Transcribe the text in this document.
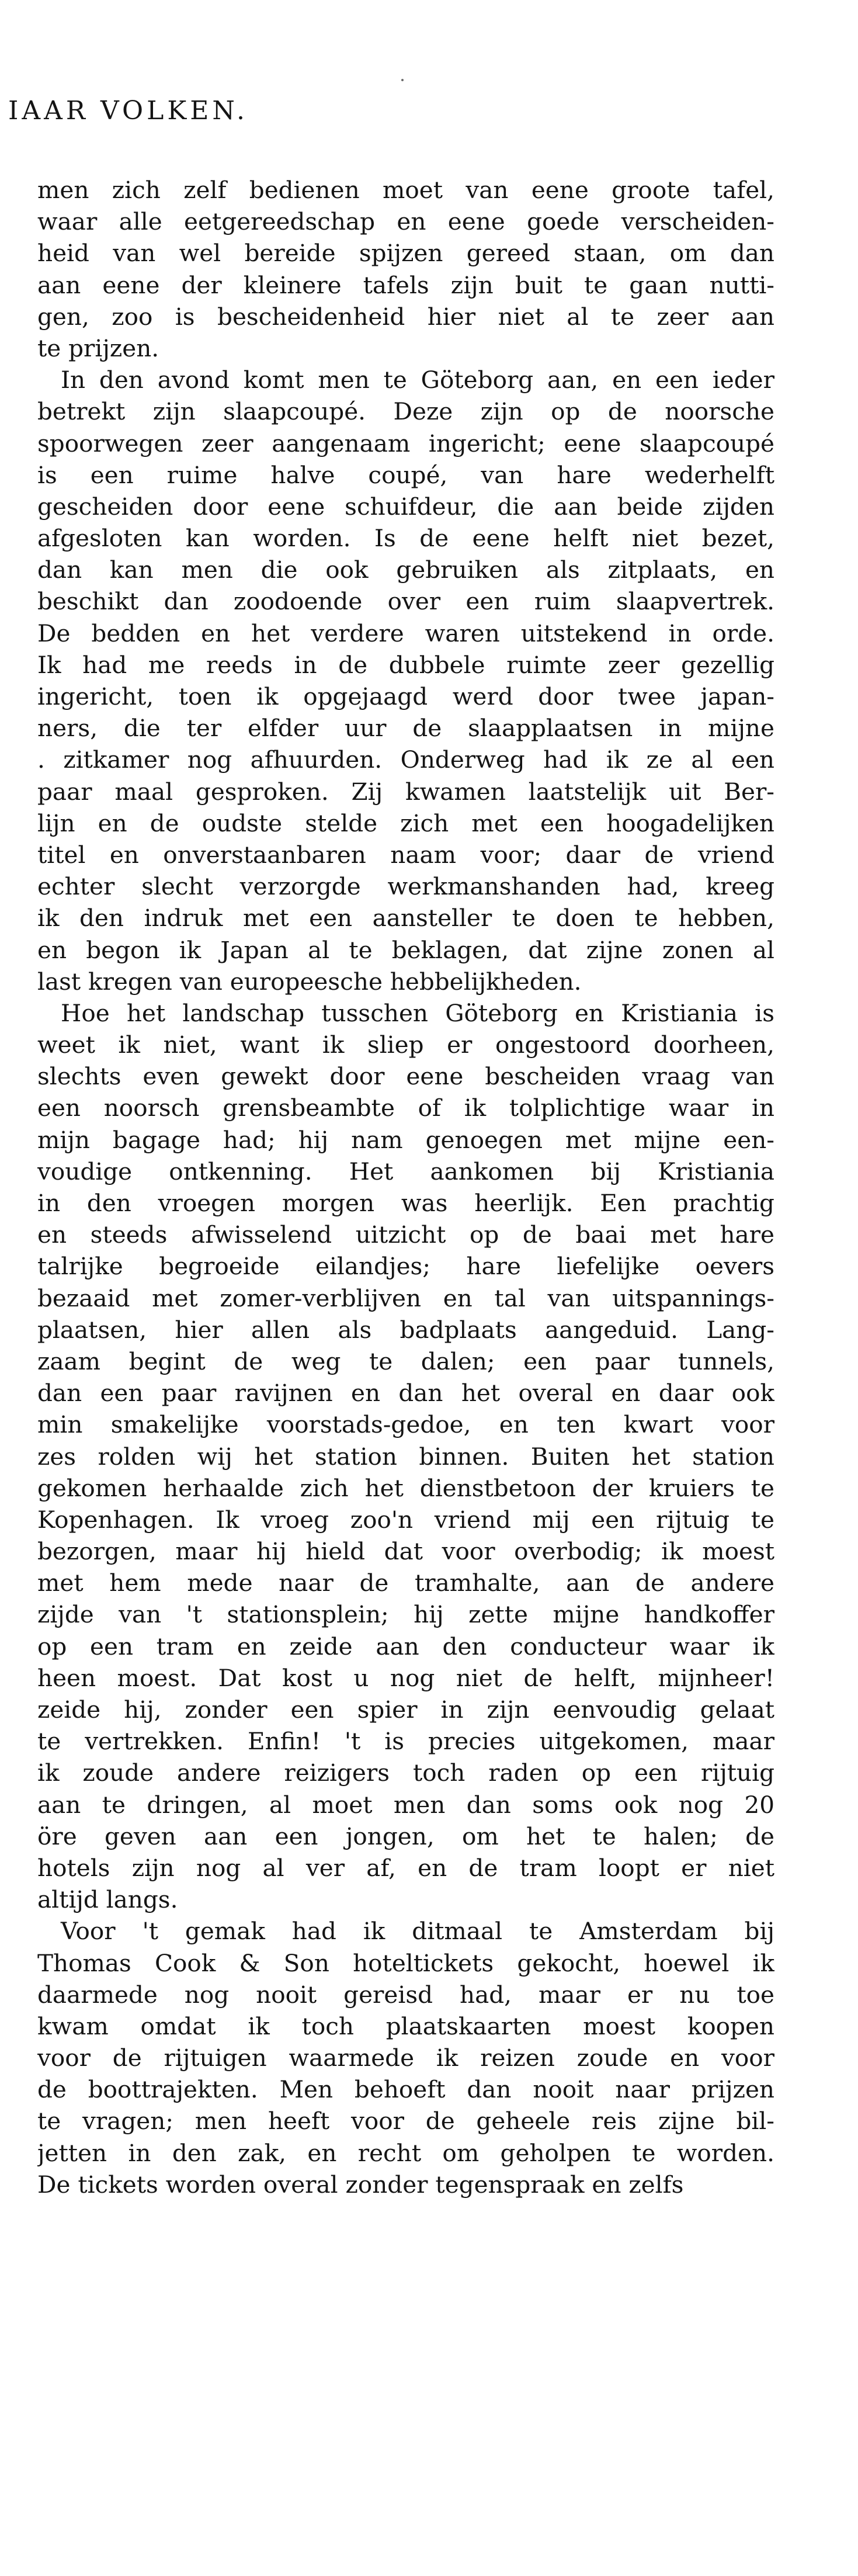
IAAR VOLKEN.
men zich zelf bedienen moet van eene groote tafel,
waar alle eetgereedschap en eene goede verscheiden-
heid van wel bereide spijzen gereed staan, om dan
aan eene der kleinere tafels zijn buit te gaan nutti-
gen, zoo is bescheidenheid hier niet al te zeer aan
te prijzen.
In den avond komt men te Göteborg aan, en een ieder
betrekt zijn slaapcoupé. Deze zijn op de noorsche
spoorwegen zeer aangenaam ingericht; eene slaapcoupé
is een ruime halve coupé, van hare wederhelft
gescheiden door eene schuifdeur, die aan beide zijden
afgesloten kan worden. Is de eene helft niet bezet,
dan kan men die ook gebruiken als zitplaats, en
beschikt dan zoodoende over een ruim slaapvertrek.
De bedden en het verdere waren uitstekend in orde.
Ik had me reeds in de dubbele ruimte zeer gezellig
ingericht, toen ik opgejaagd werd door twee japan-
ners, die ter elfder uur de slaapplaatsen in mijne
. zitkamer nog afhuurden. Onderweg had ik ze al een
paar maal gesproken. Zij kwamen laatstelijk uit Ber-
lijn en de oudste stelde zich met een hoogadelijken
titel en onverstaanbaren naam voor; daar de vriend
echter slecht verzorgde werkmanshanden had, kreeg
ik den indruk met een aansteller te doen te hebben,
en begon ik Japan al te beklagen, dat zijne zonen al
last kregen van europeesche hebbelijkheden.
Hoe het landschap tusschen Göteborg en Kristiania is
weet ik niet, want ik sliep er ongestoord doorheen,
slechts even gewekt door eene bescheiden vraag van
een noorsch grensbeambte of ik tolplichtige waar in
mijn bagage had; hij nam genoegen met mijne een-
voudige ontkenning. Het aankomen bij Kristiania
in den vroegen morgen was heerlijk. Een prachtig
en steeds afwisselend uitzicht op de baai met hare
talrijke begroeide eilandjes; hare liefelijke oevers
bezaaid met zomer-verblijven en tal van uitspannings-
plaatsen, hier allen als badplaats aangeduid. Lang-
zaam begint de weg te dalen; een paar tunnels,
dan een paar ravijnen en dan het overal en daar ook
min smakelijke voorstads-gedoe, en ten kwart voor
zes rolden wij het station binnen. Buiten het station
gekomen herhaalde zich het dienstbetoon der kruiers te
Kopenhagen. Ik vroeg zoo'n vriend mij een rijtuig te
bezorgen, maar hij hield dat voor overbodig; ik moest
met hem mede naar de tramhalte, aan de andere
zijde van 't stationsplein; hij zette mijne handkoffer
op een tram en zeide aan den conducteur waar ik
heen moest. Dat kost u nog niet de helft, mijnheer!
zeide hij, zonder een spier in zijn eenvoudig gelaat
te vertrekken. Enfin! 't is precies uitgekomen, maar
ik zoude andere reizigers toch raden op een rijtuig
aan te dringen, al moet men dan soms ook nog 20
öre geven aan een jongen, om het te halen; de
hotels zijn nog al ver af, en de tram loopt er niet
altijd langs.
Voor 't gemak had ik ditmaal te Amsterdam bij
Thomas Cook & Son hoteltickets gekocht, hoewel ik
daarmede nog nooit gereisd had, maar er nu toe
kwam omdat ik toch plaatskaarten moest koopen
voor de rijtuigen waarmede ik reizen zoude en voor
de boottrajekten. Men behoeft dan nooit naar prijzen
te vragen; men heeft voor de geheele reis zijne bil-
jetten in den zak, en recht om geholpen te worden.
De tickets worden overal zonder tegenspraak en zelfs
